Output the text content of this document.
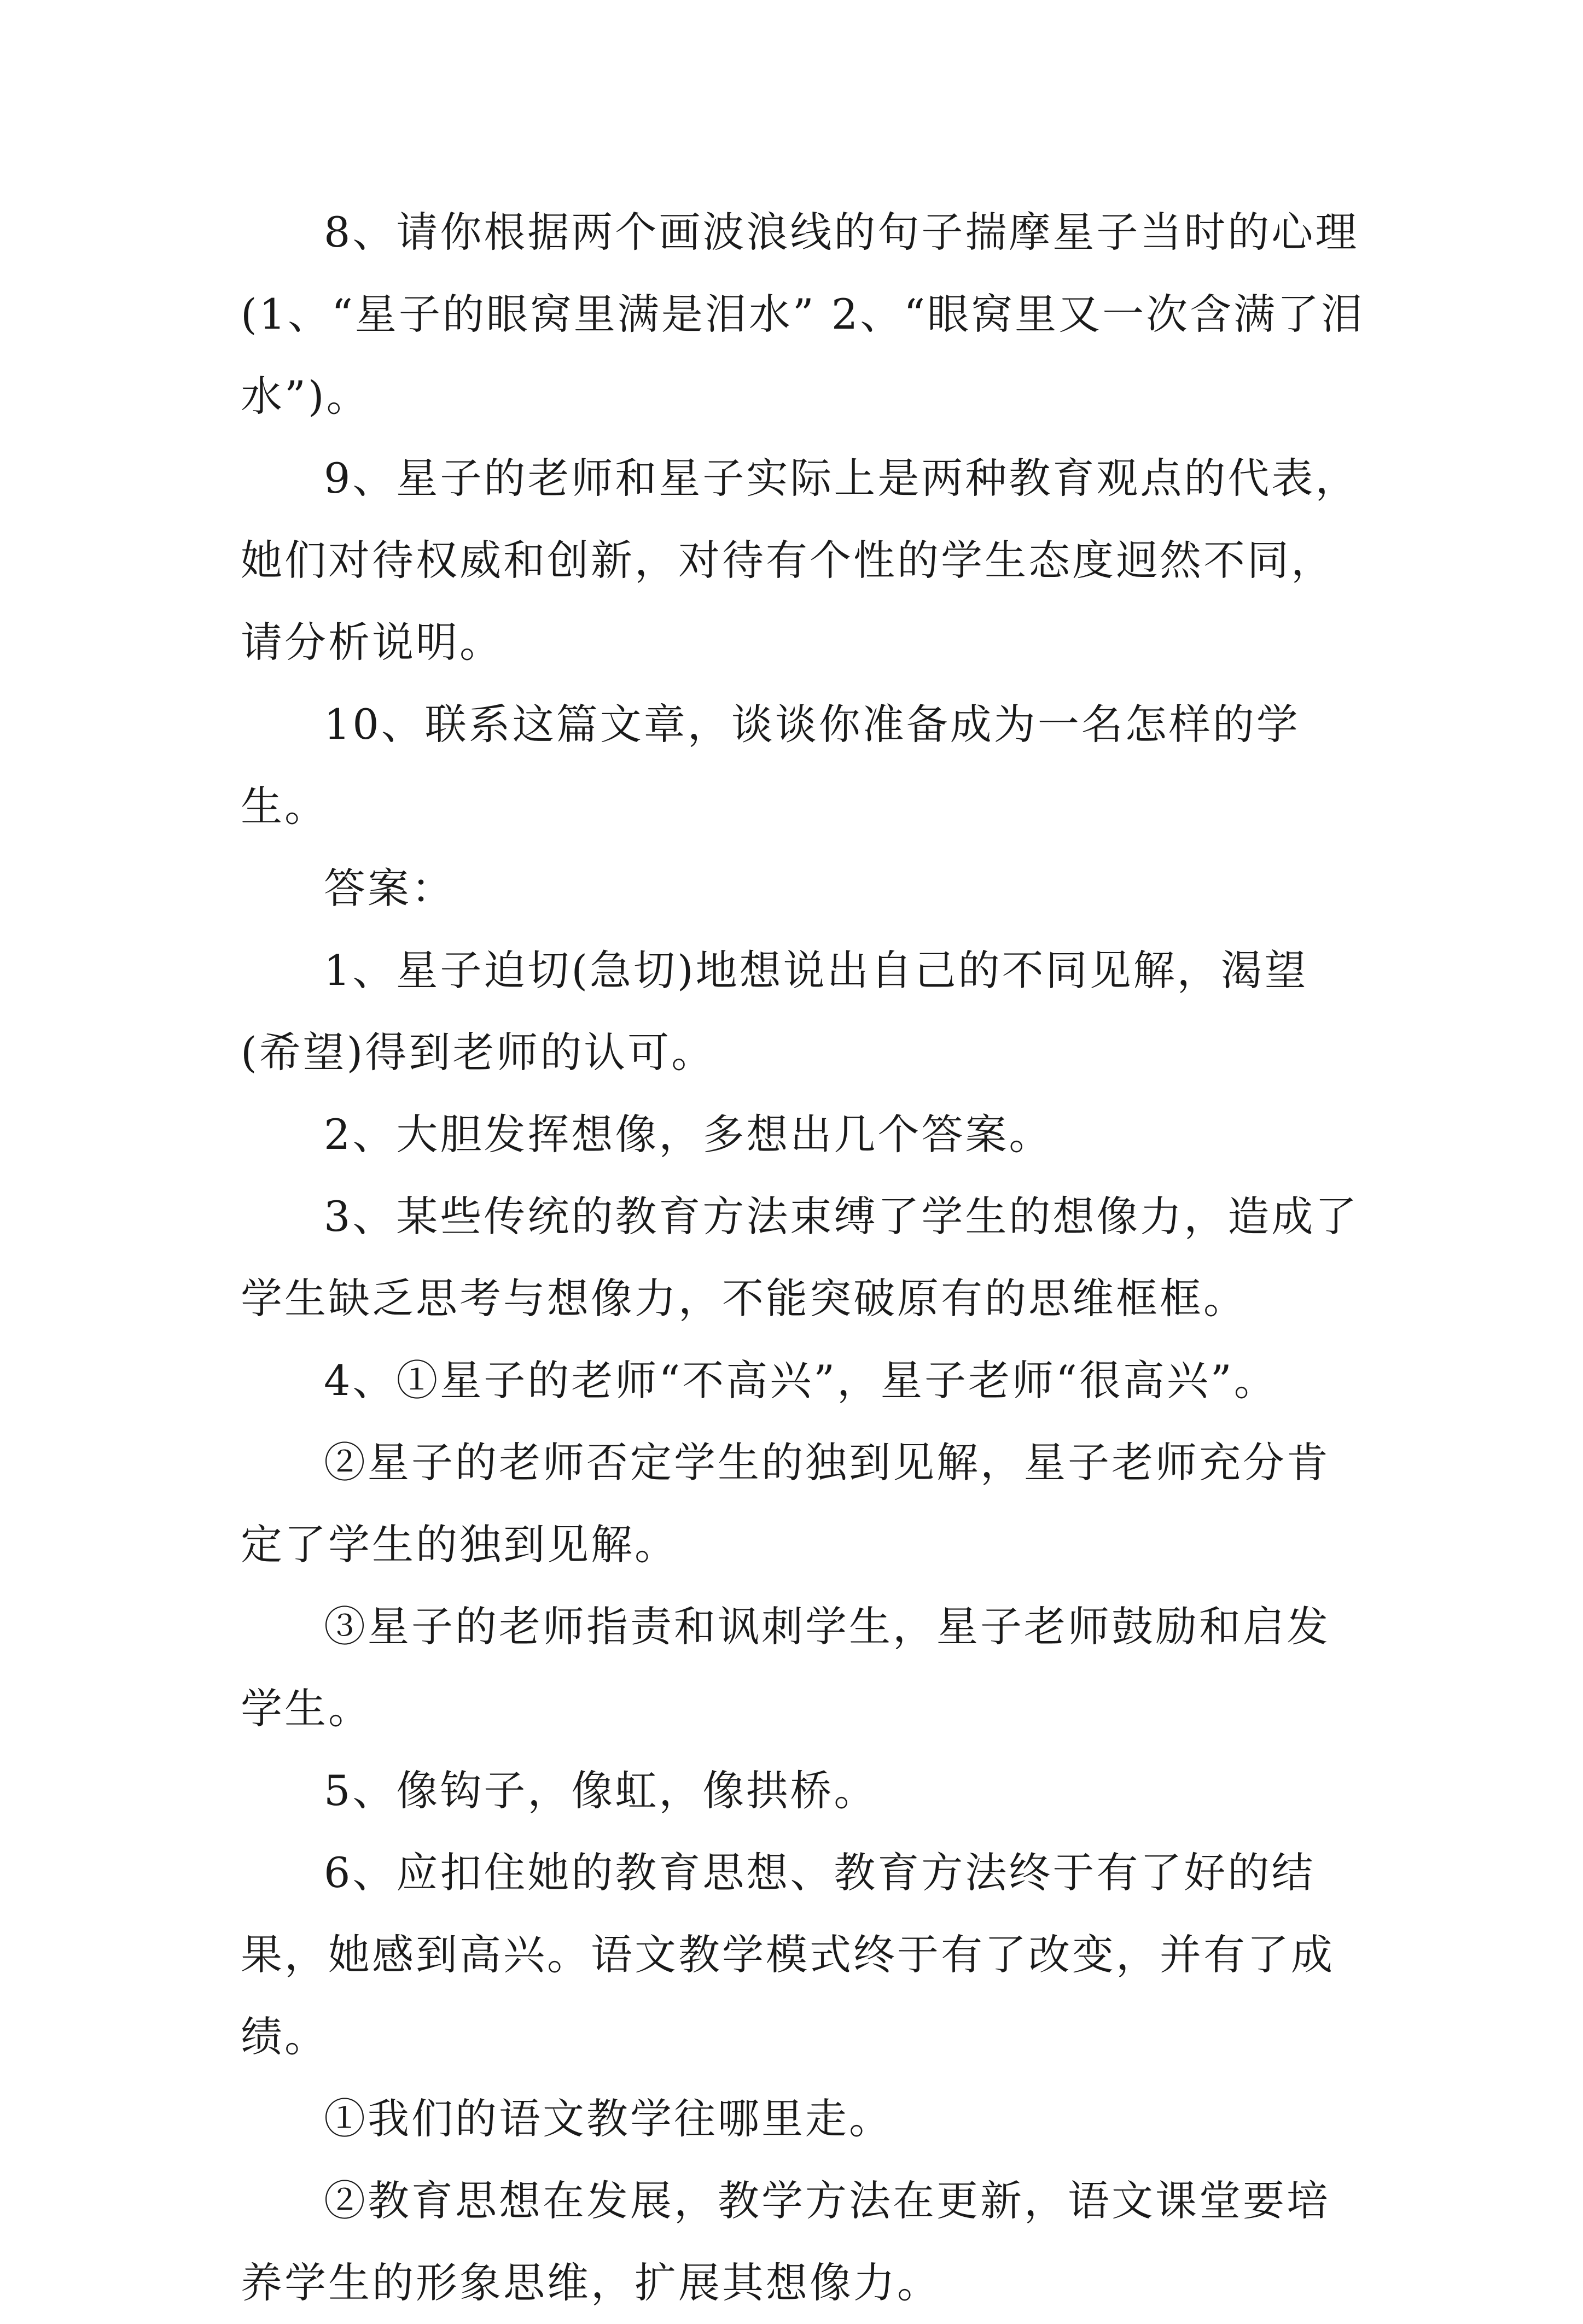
8、请你根据两个画波浪线的句子揣摩星子当时的心理(1、“星子的眼窝里满是泪水” 2、“眼窝里又一次含满了泪水”)。

9、星子的老师和星子实际上是两种教育观点的代表，她们对待权威和创新，对待有个性的学生态度迥然不同，请分析说明。

10、联系这篇文章，谈谈你准备成为一名怎样的学生。

答案：

1、星子迫切(急切)地想说出自己的不同见解，渴望(希望)得到老师的认可。

2、大胆发挥想像，多想出几个答案。

3、某些传统的教育方法束缚了学生的想像力，造成了学生缺乏思考与想像力，不能突破原有的思维框框。

4、①星子的老师“不高兴”，星子老师“很高兴”。

②星子的老师否定学生的独到见解，星子老师充分肯定了学生的独到见解。

③星子的老师指责和讽刺学生，星子老师鼓励和启发学生。

5、像钩子，像虹，像拱桥。

6、应扣住她的教育思想、教育方法终于有了好的结果，她感到高兴。语文教学模式终于有了改变，并有了成绩。

①我们的语文教学往哪里走。

②教育思想在发展，教学方法在更新，语文课堂要培养学生的形象思维，扩展其想像力。
